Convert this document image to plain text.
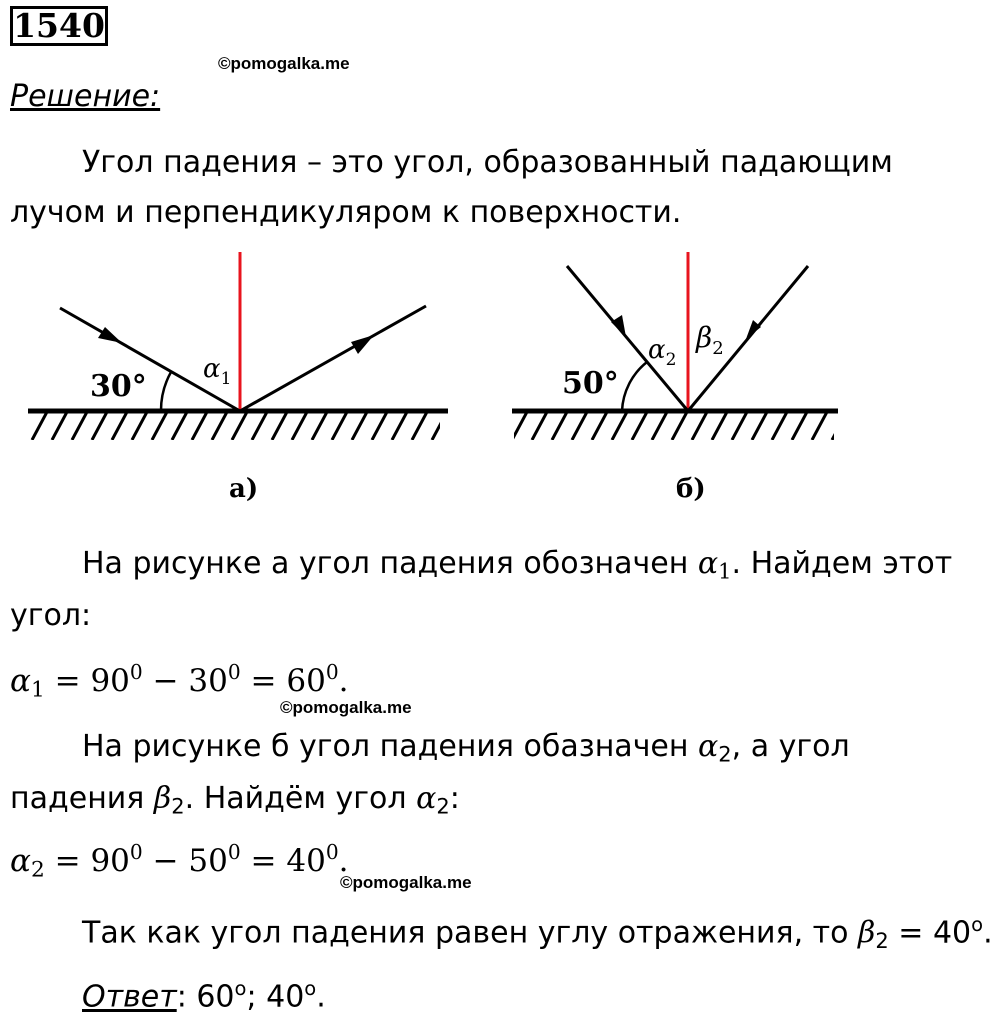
1540
©pomogalka.me
Решение:
Угол падения – это угол, образованный падающим
лучом и перпендикуляром к поверхности.
30° $\alpha_1$
а)
50°
$\alpha_2$
$\beta_2$
б)
На рисунке а угол падения обозначен $\alpha_1$. Найдем этот
угол:
$\alpha_1 = 90^0 - 30^0 = 60^0$.
©pomogalka.me
На рисунке б угол падения обазначен $\alpha_2$, а угол
падения $\beta_2$. Найдём угол $\alpha_2$:
$\alpha_2 = 90^0 - 50^0 = 40^0$.
©pomogalka.me
Так как угол падения равен углу отражения, то $\beta_2 = 40^o$.
Ответ: 60$^o$; 40$^o$.
